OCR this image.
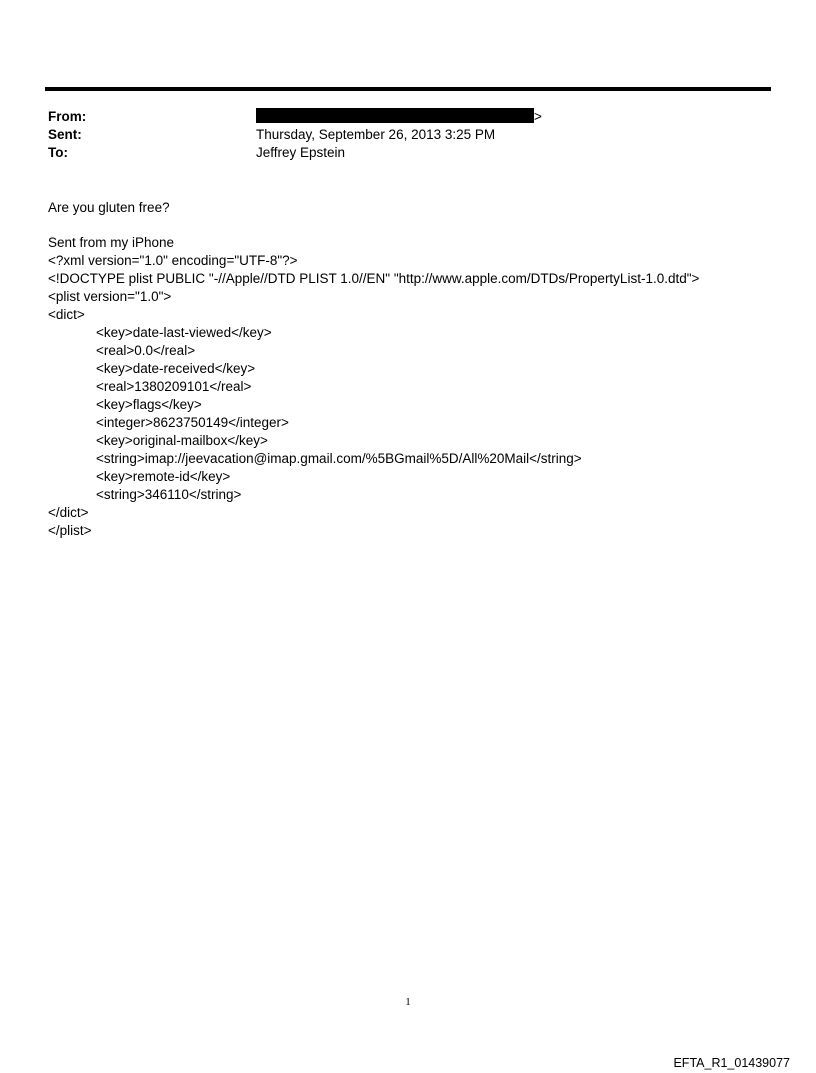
From:	>
Sent:	Thursday, September 26, 2013 3:25 PM
To:	Jeffrey Epstein
Are you gluten free?
Sent from my iPhone
<?xml version="1.0" encoding="UTF-8"?>
<!DOCTYPE plist PUBLIC "-//Apple//DTD PLIST 1.0//EN" "http://www.apple.com/DTDs/PropertyList-1.0.dtd">
<plist version="1.0">
<dict>
<key>date-last-viewed</key>
<real>0.0</real>
<key>date-received</key>
<real>1380209101</real>
<key>flags</key>
<integer>8623750149</integer>
<key>original-mailbox</key>
<string>imap://jeevacation@imap.gmail.com/%5BGmail%5D/All%20Mail</string>
<key>remote-id</key>
<string>346110</string>
</dict>
</plist>
1
EFTA_R1_01439077
